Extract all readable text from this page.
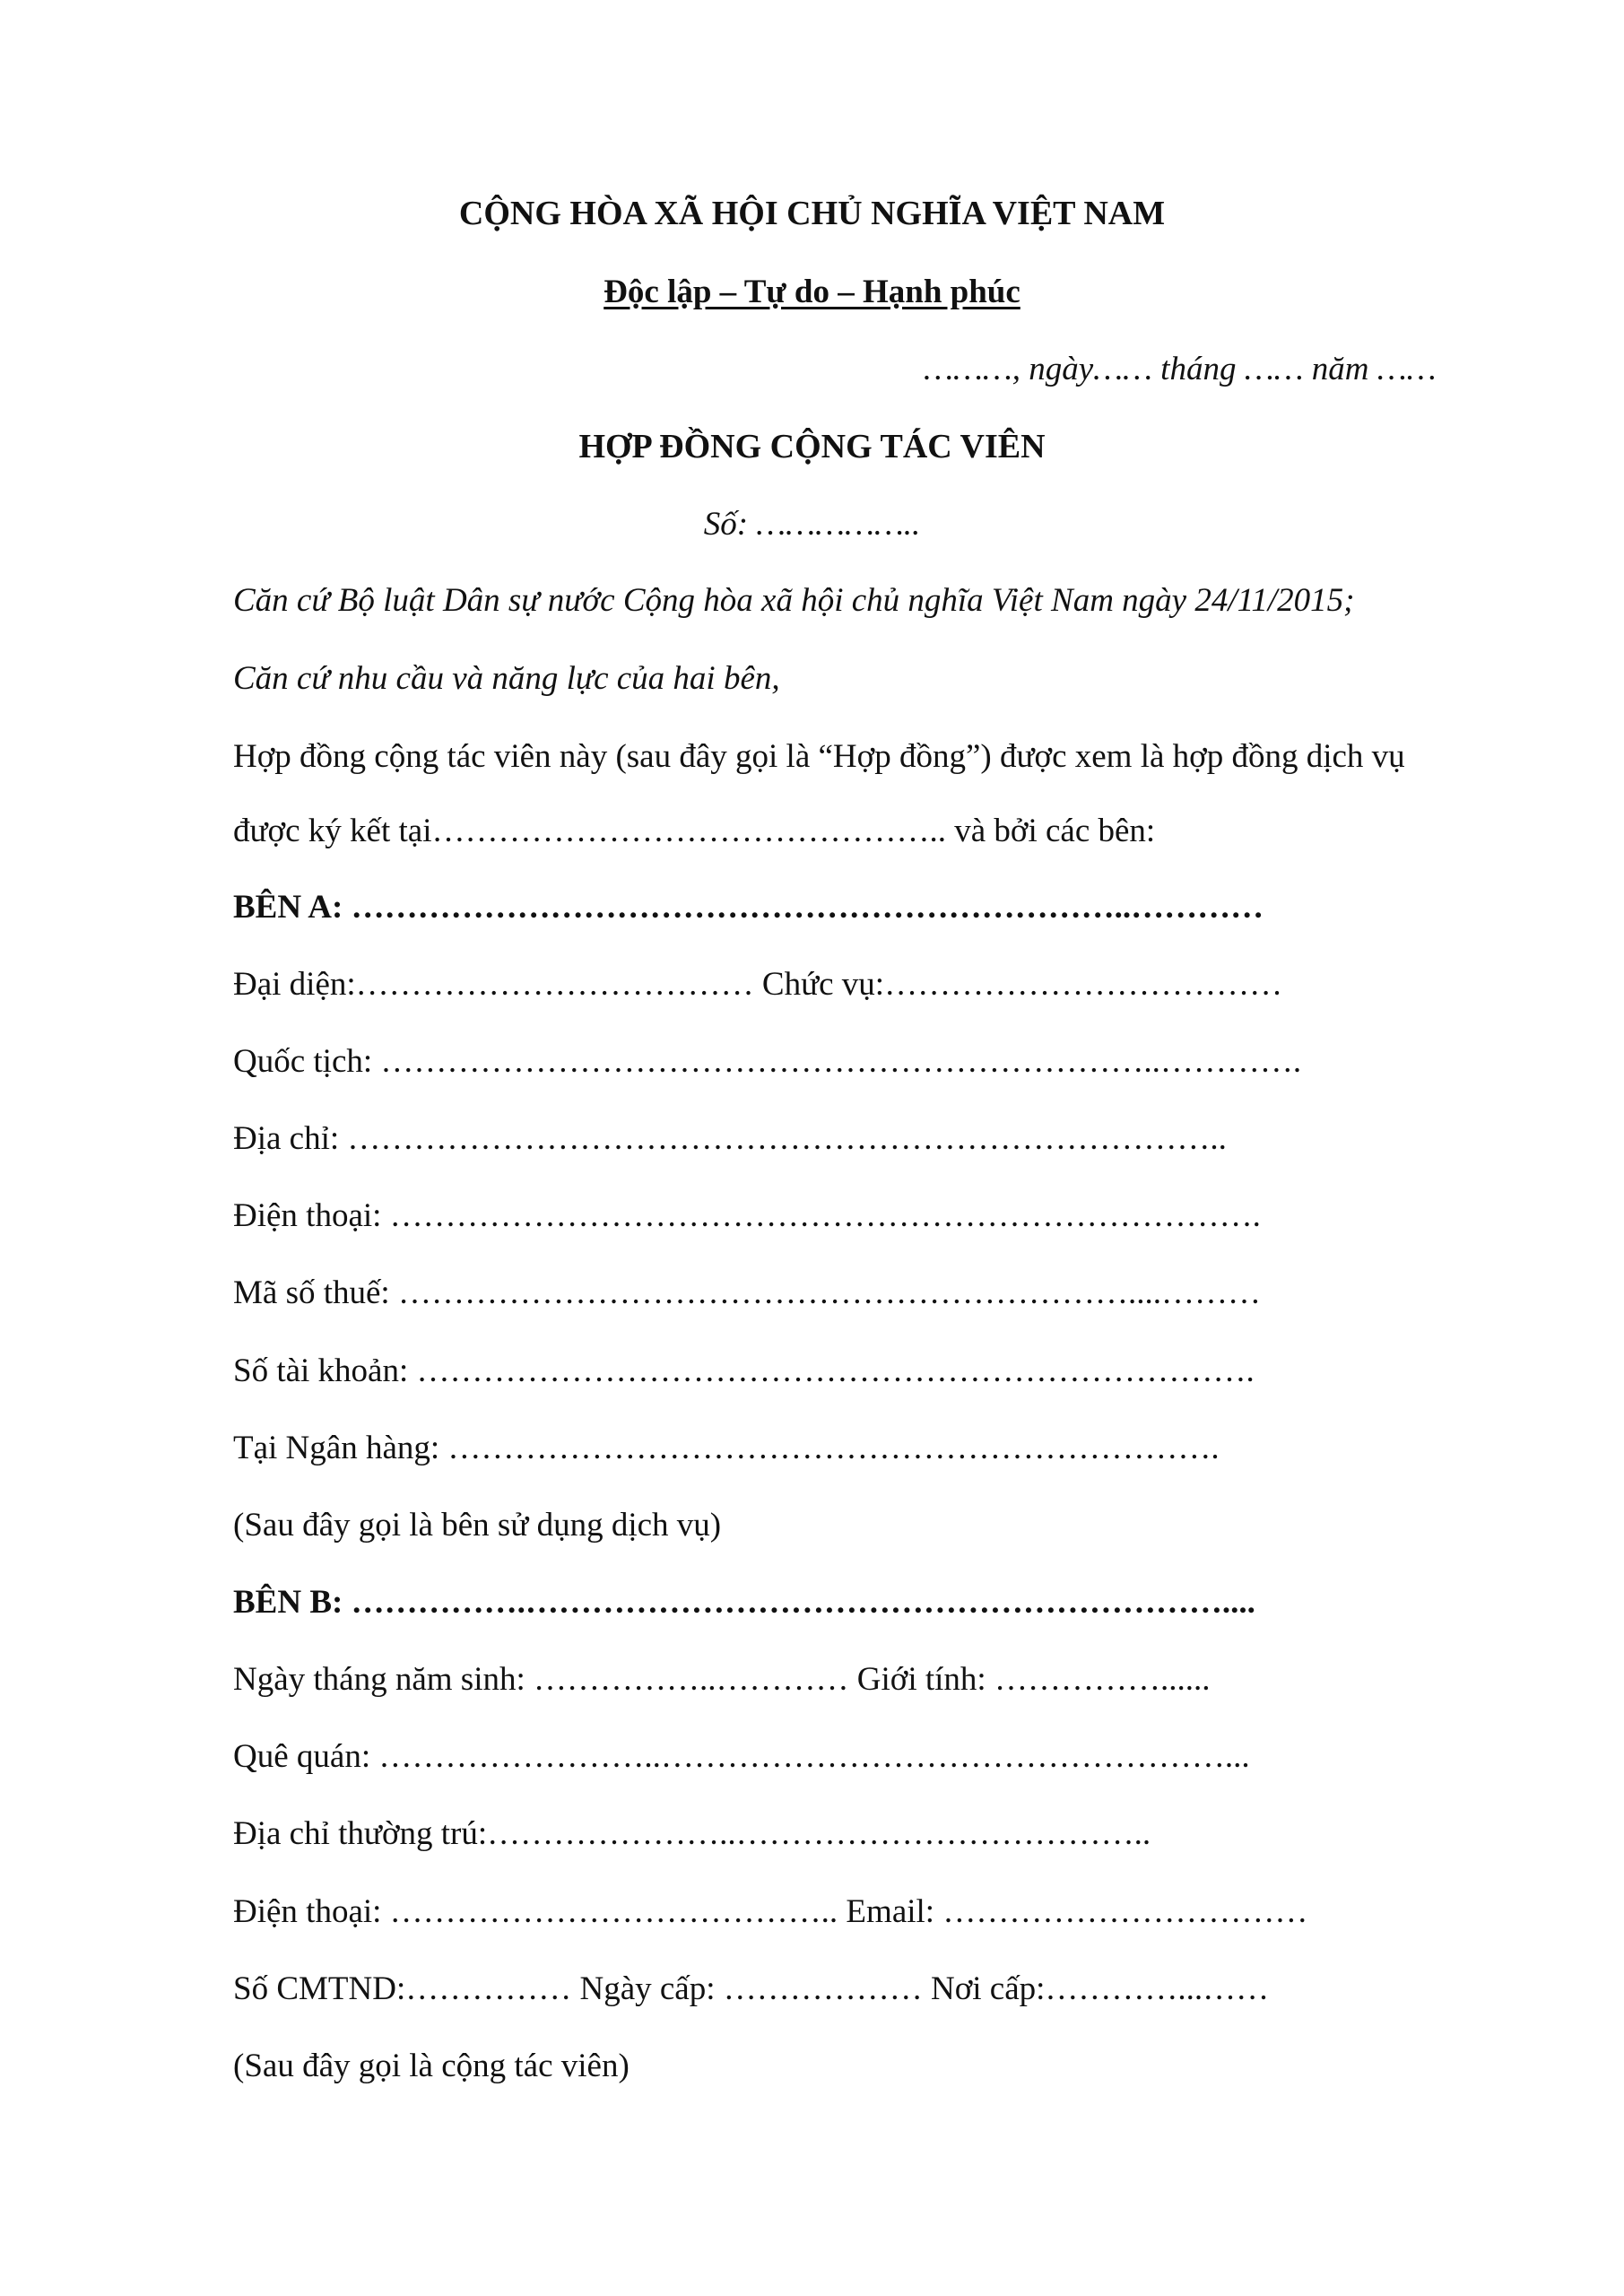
CỘNG HÒA XÃ HỘI CHỦ NGHĨA VIỆT NAM
Độc lập – Tự do – Hạnh phúc
………, ngày…… tháng …… năm ……
HỢP ĐỒNG CỘNG TÁC VIÊN
Số: ……………..
Căn cứ Bộ luật Dân sự nước Cộng hòa xã hội chủ nghĩa Việt Nam ngày 24/11/2015;
Căn cứ nhu cầu và năng lực của hai bên,
Hợp đồng cộng tác viên này (sau đây gọi là “Hợp đồng”) được xem là hợp đồng dịch vụ
được ký kết tại……………………………………….. và bởi các bên:
BÊN A: ……………………………………………………………..…………
Đại diện:……………………………… Chức vụ:………………………………
Quốc tịch: ……………………………………………………………..………….
Địa chỉ: ……………………………………………………………………..
Điện thoại: …………………………………………………………………….
Mã số thuế: …………………………………………………………....………
Số tài khoản: ………………………………………………………………….
Tại Ngân hàng: …………………………………………………………….
(Sau đây gọi là bên sử dụng dịch vụ)
BÊN B: …………….………………………………………………………....
Ngày tháng năm sinh: ……………..………… Giới tính: ……………......
Quê quán: ……………………..……………………………………………...
Địa chỉ thường trú:…………………..………………………………..
Điện thoại: ………………………………….. Email: ……………………………
Số CMTND:…………… Ngày cấp: ……………… Nơi cấp:…………...……
(Sau đây gọi là cộng tác viên)
